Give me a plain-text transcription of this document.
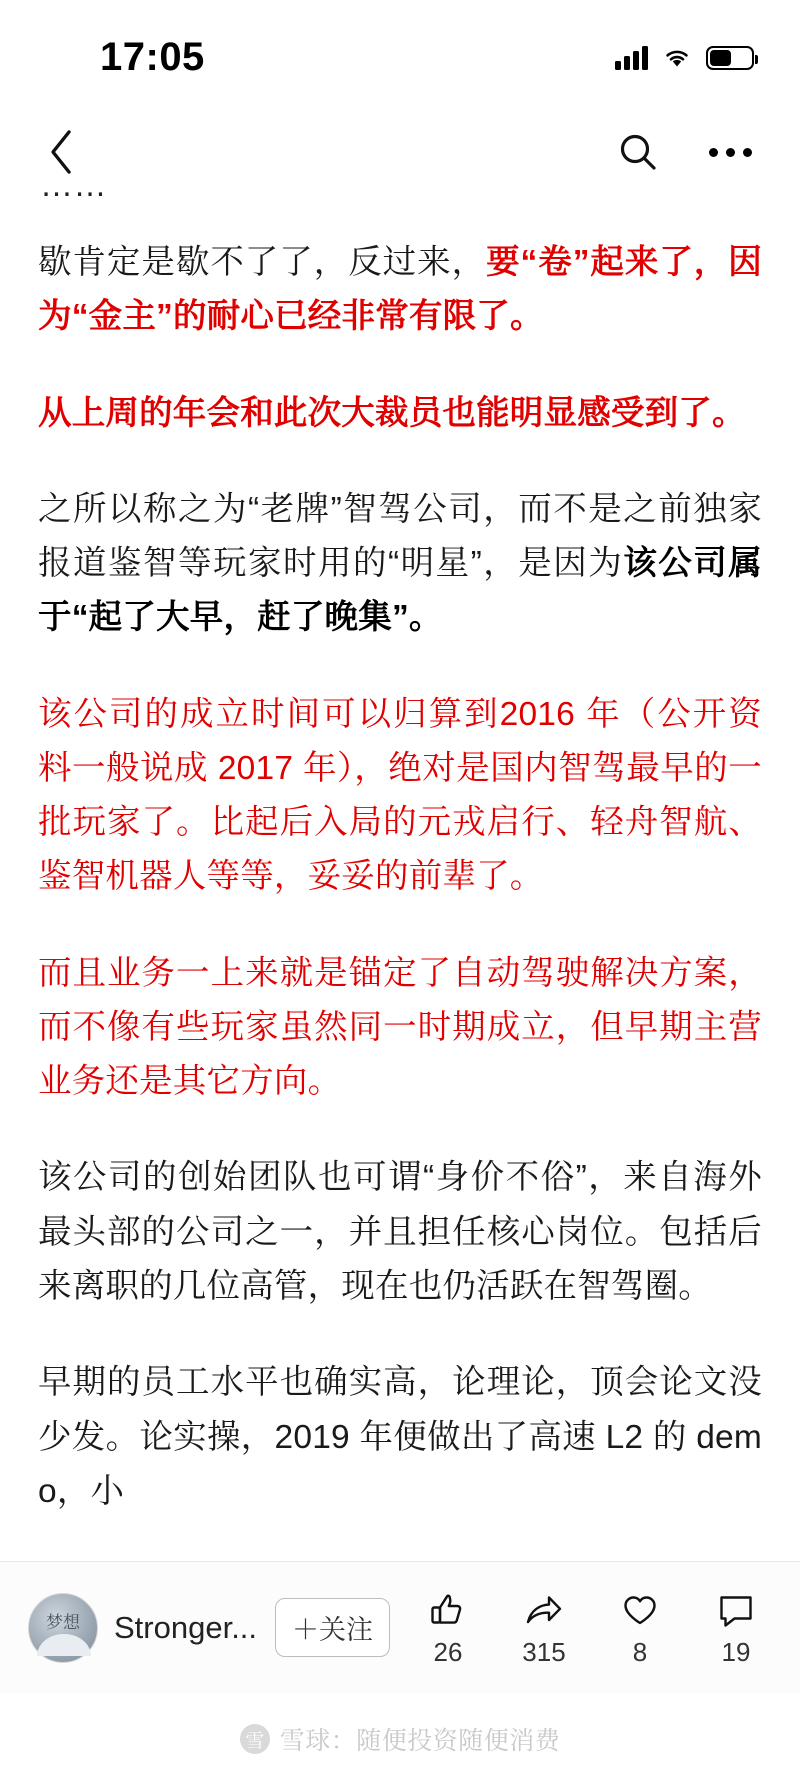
17:05
……

歇肯定是歇不了了，反过来，要“卷”起来了，因为“金主”的耐心已经非常有限了。

从上周的年会和此次大裁员也能明显感受到了。

之所以称之为“老牌”智驾公司，而不是之前独家报道鉴智等玩家时用的“明星”，是因为该公司属于“起了大早，赶了晚集”。

该公司的成立时间可以归算到2016 年（公开资料一般说成 2017 年），绝对是国内智驾最早的一批玩家了。比起后入局的元戎启行、轻舟智航、鉴智机器人等等，妥妥的前辈了。

而且业务一上来就是锚定了自动驾驶解决方案，而不像有些玩家虽然同一时期成立，但早期主营业务还是其它方向。

该公司的创始团队也可谓“身价不俗”，来自海外最头部的公司之一，并且担任核心岗位。包括后来离职的几位高管，现在也仍活跃在智驾圈。

早期的员工水平也确实高，论理论，顶会论文没少发。论实操，2019 年便做出了高速 L2 的 demo，小

梦想	Stronger...	＋关注
26 315	8	19
雪 雪球：随便投资随便消费
